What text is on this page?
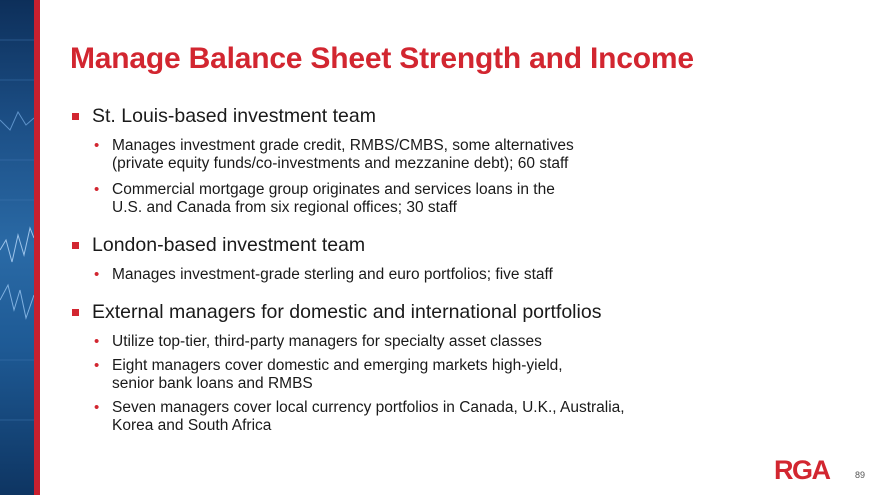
Manage Balance Sheet Strength and Income
St. Louis-based investment team
• Manages investment grade credit, RMBS/CMBS, some alternatives
(private equity funds/co-investments and mezzanine debt); 60 staff
• Commercial mortgage group originates and services loans in the
U.S. and Canada from six regional offices; 30 staff
London-based investment team
• Manages investment-grade sterling and euro portfolios; five staff
External managers for domestic and international portfolios
• Utilize top-tier, third-party managers for specialty asset classes
• Eight managers cover domestic and emerging markets high-yield,
senior bank loans and RMBS
• Seven managers cover local currency portfolios in Canada, U.K., Australia,
Korea and South Africa
RGA	89
